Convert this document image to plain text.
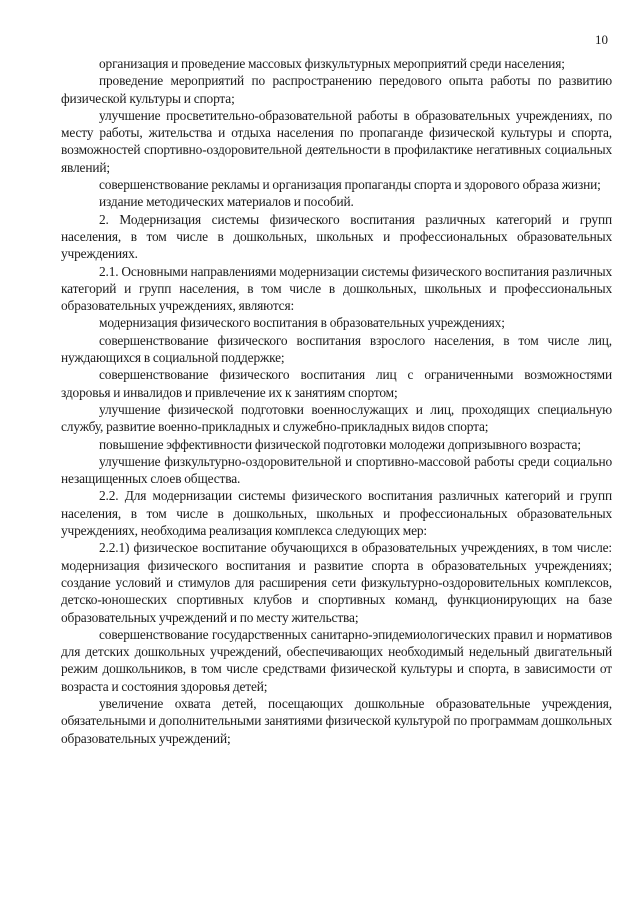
10

организация и проведение массовых физкультурных мероприятий среди населения;

проведение мероприятий по распространению передового опыта работы по развитию физической культуры и спорта;

улучшение просветительно-образовательной работы в образовательных учреждениях, по месту работы, жительства и отдыха населения по пропаганде физической культуры и спорта, возможностей спортивно-оздоровительной деятельности в профилактике негативных социальных явлений;

совершенствование рекламы и организация пропаганды спорта и здорового образа жизни;

издание методических материалов и пособий.

2. Модернизация системы физического воспитания различных категорий и групп населения, в том числе в дошкольных, школьных и профессиональных образовательных учреждениях.

2.1. Основными направлениями модернизации системы физического воспитания различных категорий и групп населения, в том числе в дошкольных, школьных и профессиональных образовательных учреждениях, являются:

модернизация физического воспитания в образовательных учреждениях;

совершенствование физического воспитания взрослого населения, в том числе лиц, нуждающихся в социальной поддержке;

совершенствование физического воспитания лиц с ограниченными возможностями здоровья и инвалидов и привлечение их к занятиям спортом;

улучшение физической подготовки военнослужащих и лиц, проходящих специальную службу, развитие военно-прикладных и служебно-прикладных видов спорта;

повышение эффективности физической подготовки молодежи допризывного возраста;

улучшение физкультурно-оздоровительной и спортивно-массовой работы среди социально незащищенных слоев общества.

2.2. Для модернизации системы физического воспитания различных категорий и групп населения, в том числе в дошкольных, школьных и профессиональных образовательных учреждениях, необходима реализация комплекса следующих мер:

2.2.1) физическое воспитание обучающихся в образовательных учреждениях, в том числе: модернизация физического воспитания и развитие спорта в образовательных учреждениях; создание условий и стимулов для расширения сети физкультурно-оздоровительных комплексов, детско-юношеских спортивных клубов и спортивных команд, функционирующих на базе образовательных учреждений и по месту жительства;

совершенствование государственных санитарно-эпидемиологических правил и нормативов для детских дошкольных учреждений, обеспечивающих необходимый недельный двигательный режим дошкольников, в том числе средствами физической культуры и спорта, в зависимости от возраста и состояния здоровья детей;

увеличение охвата детей, посещающих дошкольные образовательные учреждения, обязательными и дополнительными занятиями физической культурой по программам дошкольных образовательных учреждений;
